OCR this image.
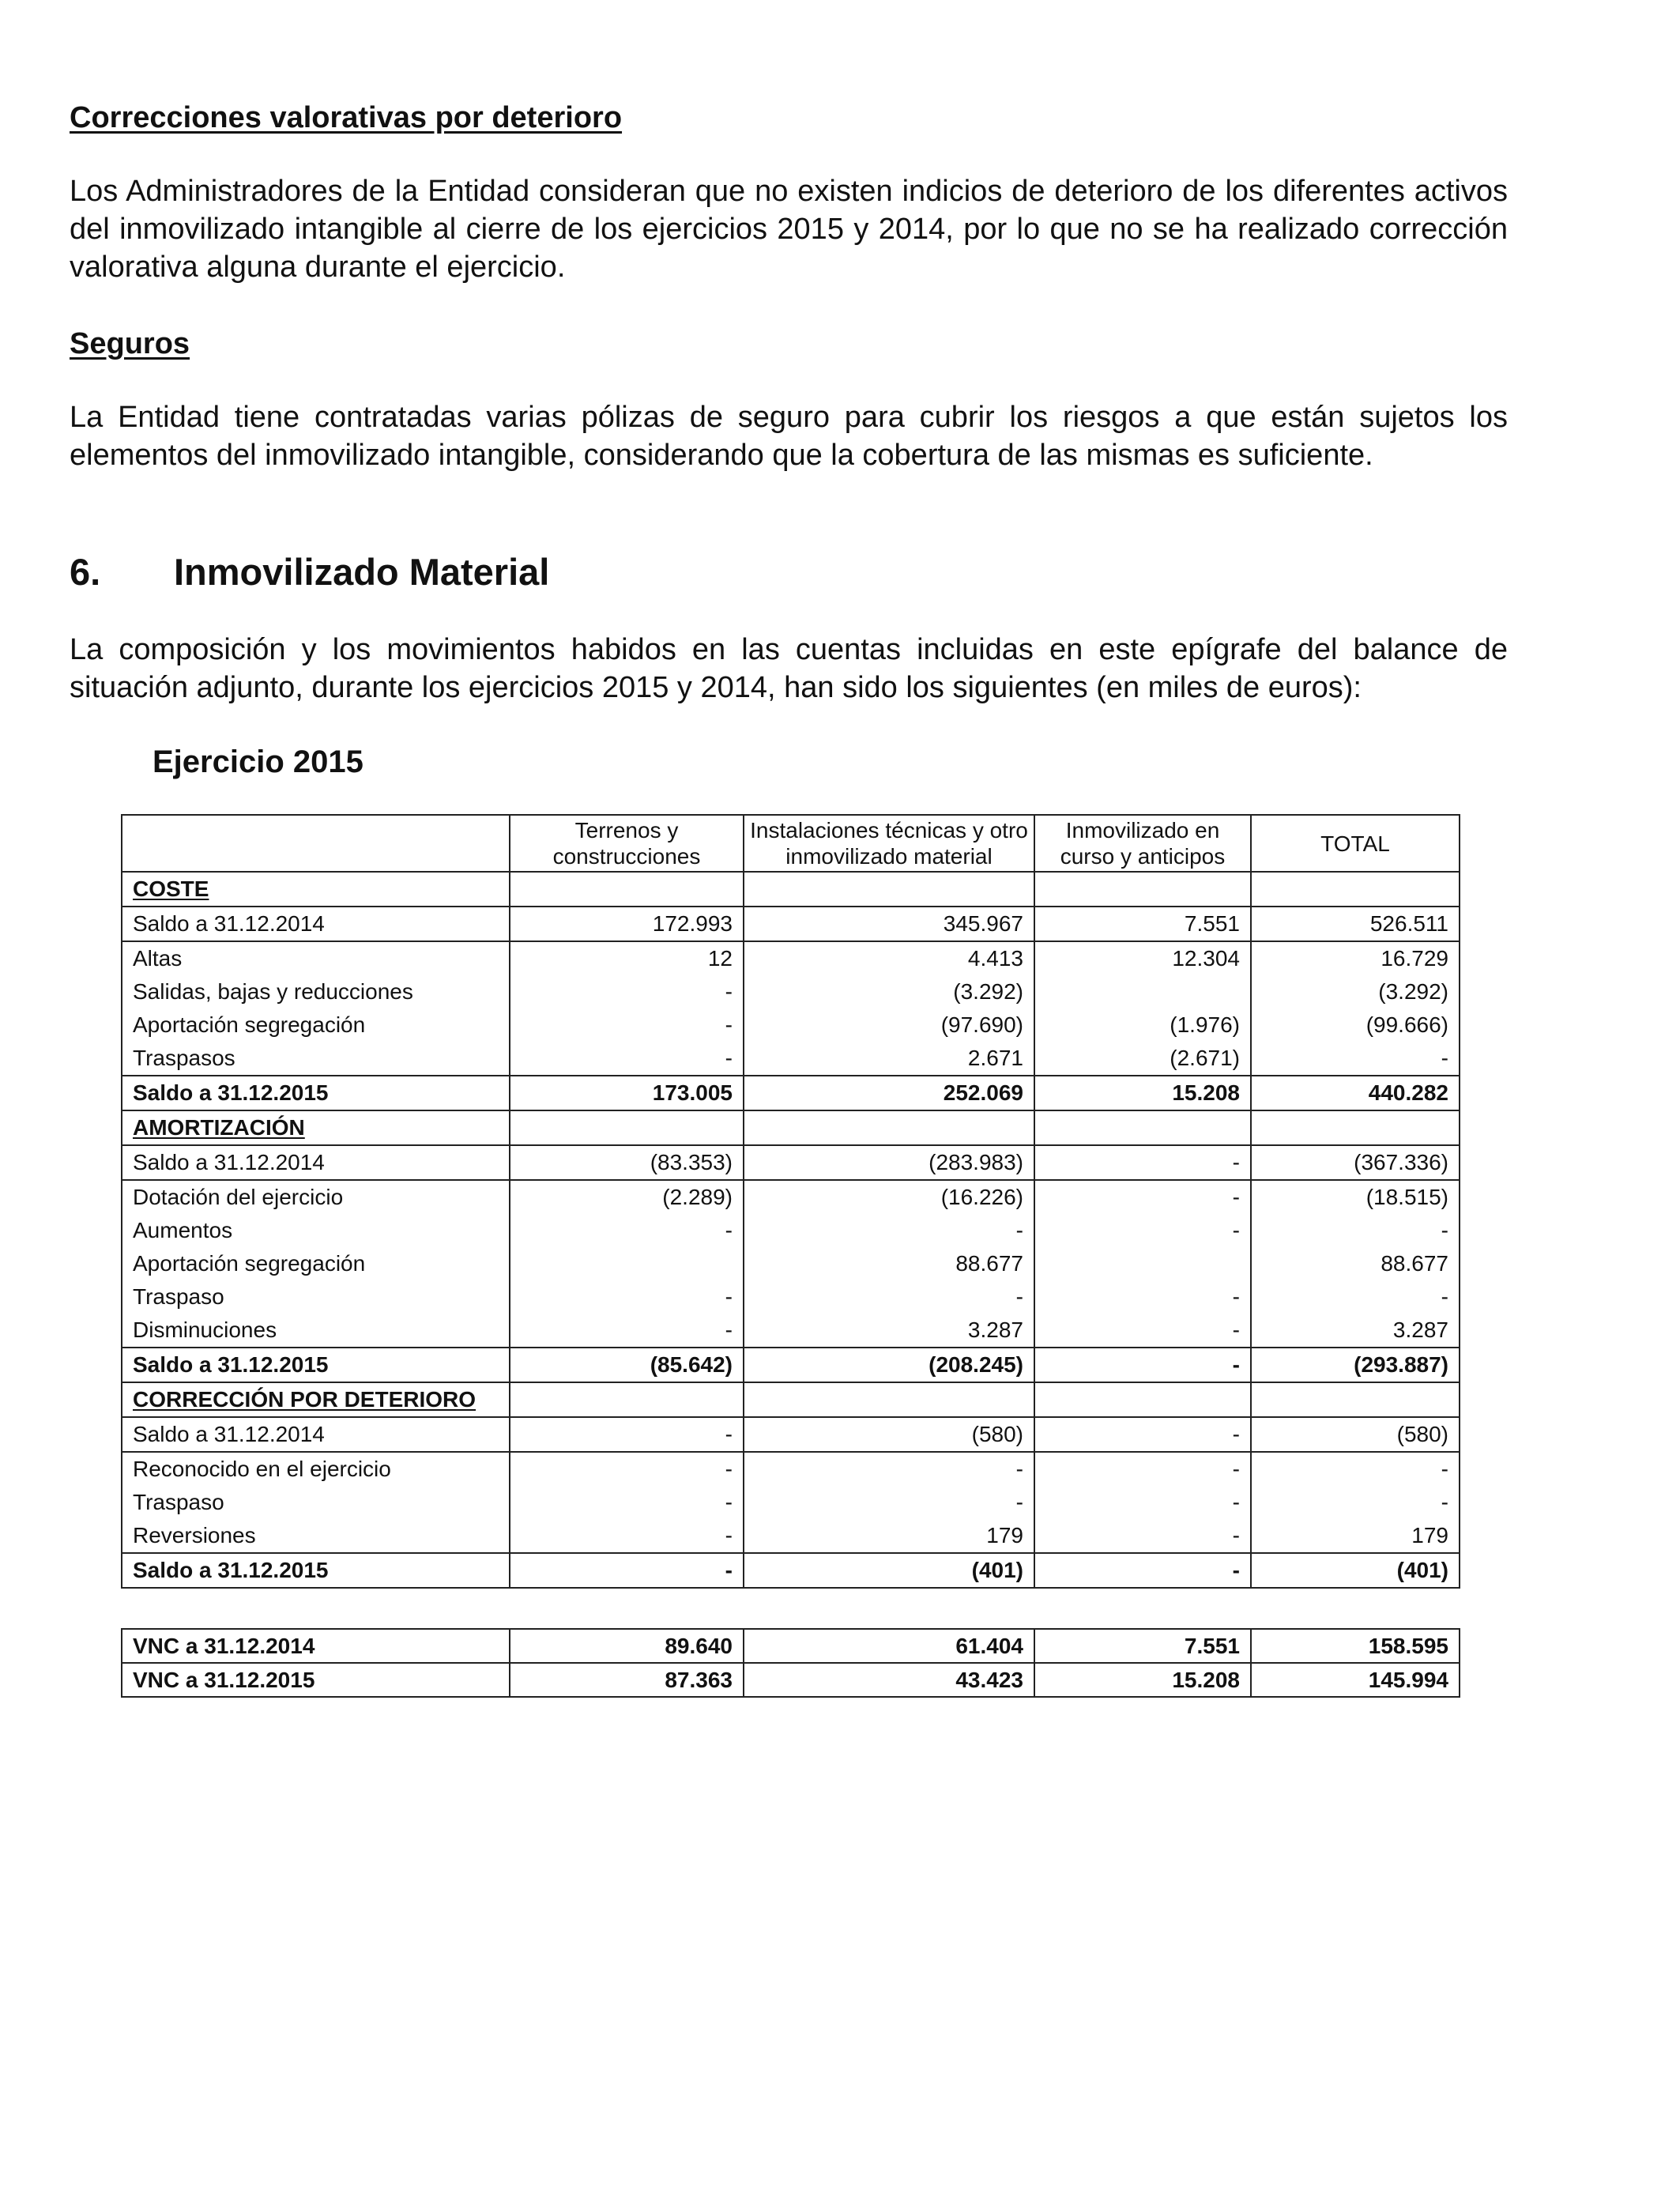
Correcciones valorativas por deterioro

Los Administradores de la Entidad consideran que no existen indicios de deterioro de los diferentes activos del inmovilizado intangible al cierre de los ejercicios 2015 y 2014, por lo que no se ha realizado corrección valorativa alguna durante el ejercicio.

Seguros

La Entidad tiene contratadas varias pólizas de seguro para cubrir los riesgos a que están sujetos los elementos del inmovilizado intangible, considerando que la cobertura de las mismas es suficiente.

6. Inmovilizado Material

La composición y los movimientos habidos en las cuentas incluidas en este epígrafe del balance de situación adjunto, durante los ejercicios 2015 y 2014, han sido los siguientes (en miles de euros):

Ejercicio 2015
	Terrenos y construcciones	Instalaciones técnicas y otro inmovilizado material	Inmovilizado en curso y anticipos	TOTAL
COSTE				
Saldo a 31.12.2014	172.993	345.967	7.551	526.511
Altas	12	4.413	12.304	16.729
Salidas, bajas y reducciones	-	(3.292)		(3.292)
Aportación segregación	-	(97.690)	(1.976)	(99.666)
Traspasos	-	2.671	(2.671)	-
Saldo a 31.12.2015	173.005	252.069	15.208	440.282
AMORTIZACIÓN				
Saldo a 31.12.2014	(83.353)	(283.983)	-	(367.336)
Dotación del ejercicio	(2.289)	(16.226)	-	(18.515)
Aumentos	-	-	-	-
Aportación segregación		88.677		88.677
Traspaso	-	-	-	-
Disminuciones	-	3.287	-	3.287
Saldo a 31.12.2015	(85.642)	(208.245)	-	(293.887)
CORRECCIÓN POR DETERIORO				
Saldo a 31.12.2014	-	(580)	-	(580)
Reconocido en el ejercicio	-	-	-	-
Traspaso	-	-	-	-
Reversiones	-	179	-	179
Saldo a 31.12.2015	-	(401)	-	(401)
VNC a 31.12.2014	89.640	61.404	7.551	158.595
VNC a 31.12.2015	87.363	43.423	15.208	145.994
